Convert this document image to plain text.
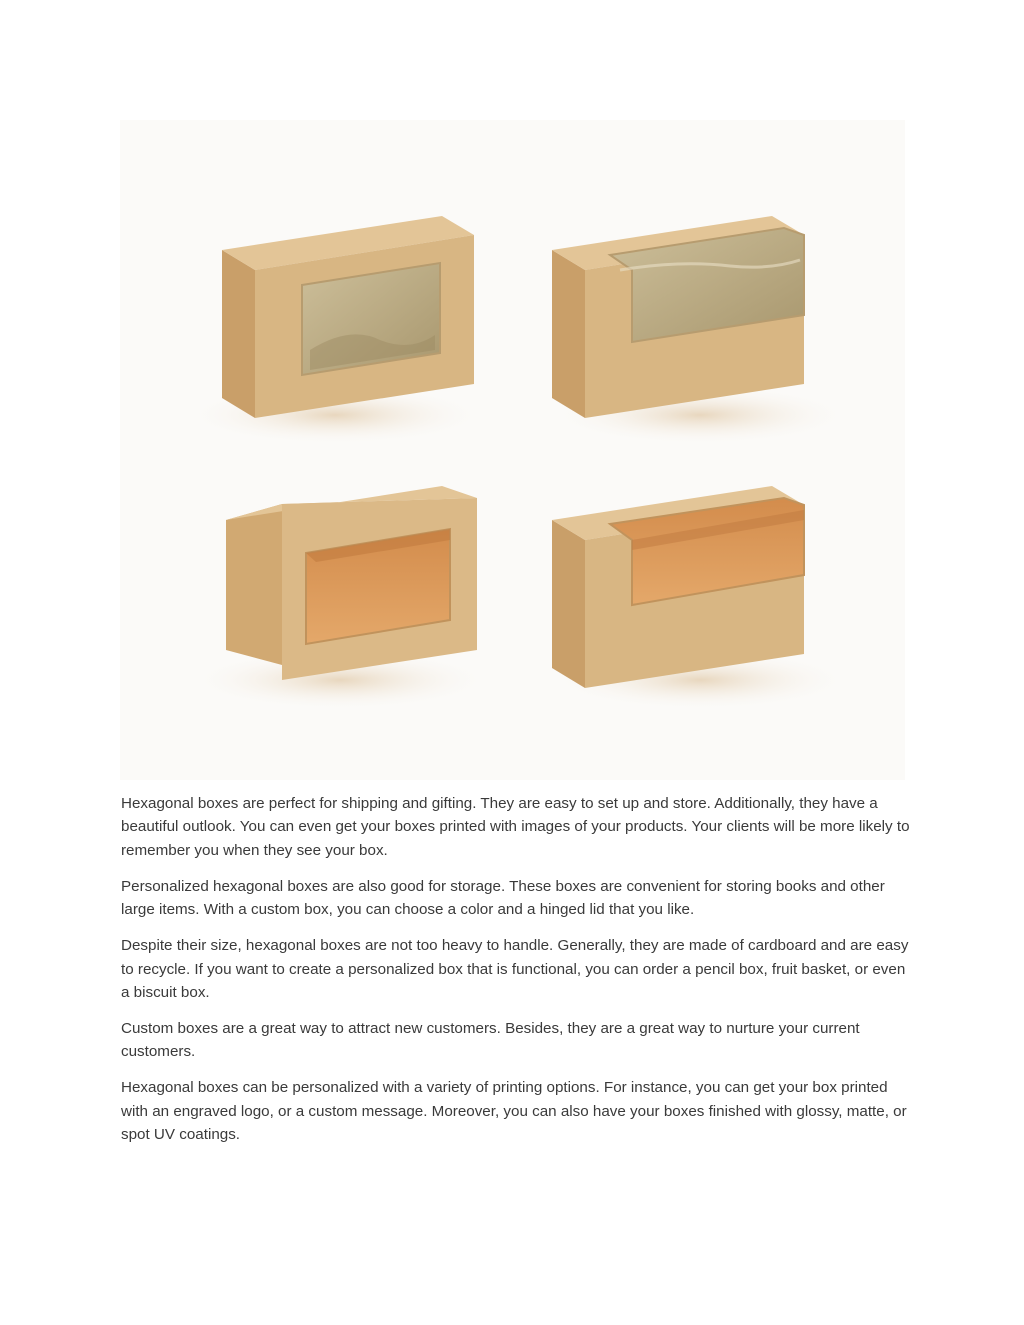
Hexagonal boxes are perfect for shipping and gifting. They are easy to set up and store. Additionally, they have a beautiful outlook. You can even get your boxes printed with images of your products. Your clients will be more likely to remember you when they see your box.

Personalized hexagonal boxes are also good for storage. These boxes are convenient for storing books and other large items. With a custom box, you can choose a color and a hinged lid that you like.

Despite their size, hexagonal boxes are not too heavy to handle. Generally, they are made of cardboard and are easy to recycle. If you want to create a personalized box that is functional, you can order a pencil box, fruit basket, or even a biscuit box.

Custom boxes are a great way to attract new customers. Besides, they are a great way to nurture your current customers.

Hexagonal boxes can be personalized with a variety of printing options. For instance, you can get your box printed with an engraved logo, or a custom message. Moreover, you can also have your boxes finished with glossy, matte, or spot UV coatings.
